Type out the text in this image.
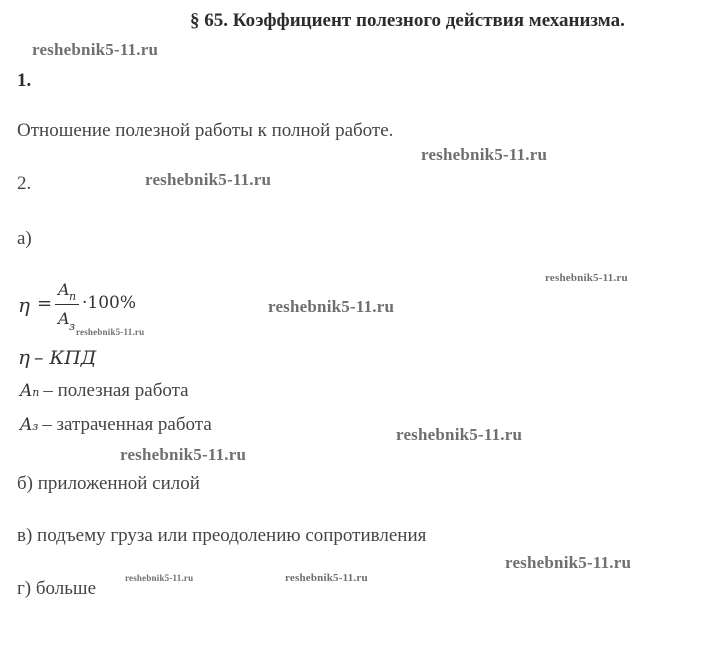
§ 65. Коэффициент полезного действия механизма.
reshebnik5-11.ru
reshebnik5-11.ru
reshebnik5-11.ru
reshebnik5-11.ru
reshebnik5-11.ru
reshebnik5-11.ru
reshebnik5-11.ru
reshebnik5-11.ru
reshebnik5-11.ru
reshebnik5-11.ru	reshebnik5-11.ru
1.
Отношение полезной работы к полной работе.
2.
а)
η =
A п
A з
·100%
η – КПД
Aп – полезная работа
Aз – затраченная работа
б) приложенной силой
в) подъему груза или преодолению сопротивления
г) больше
